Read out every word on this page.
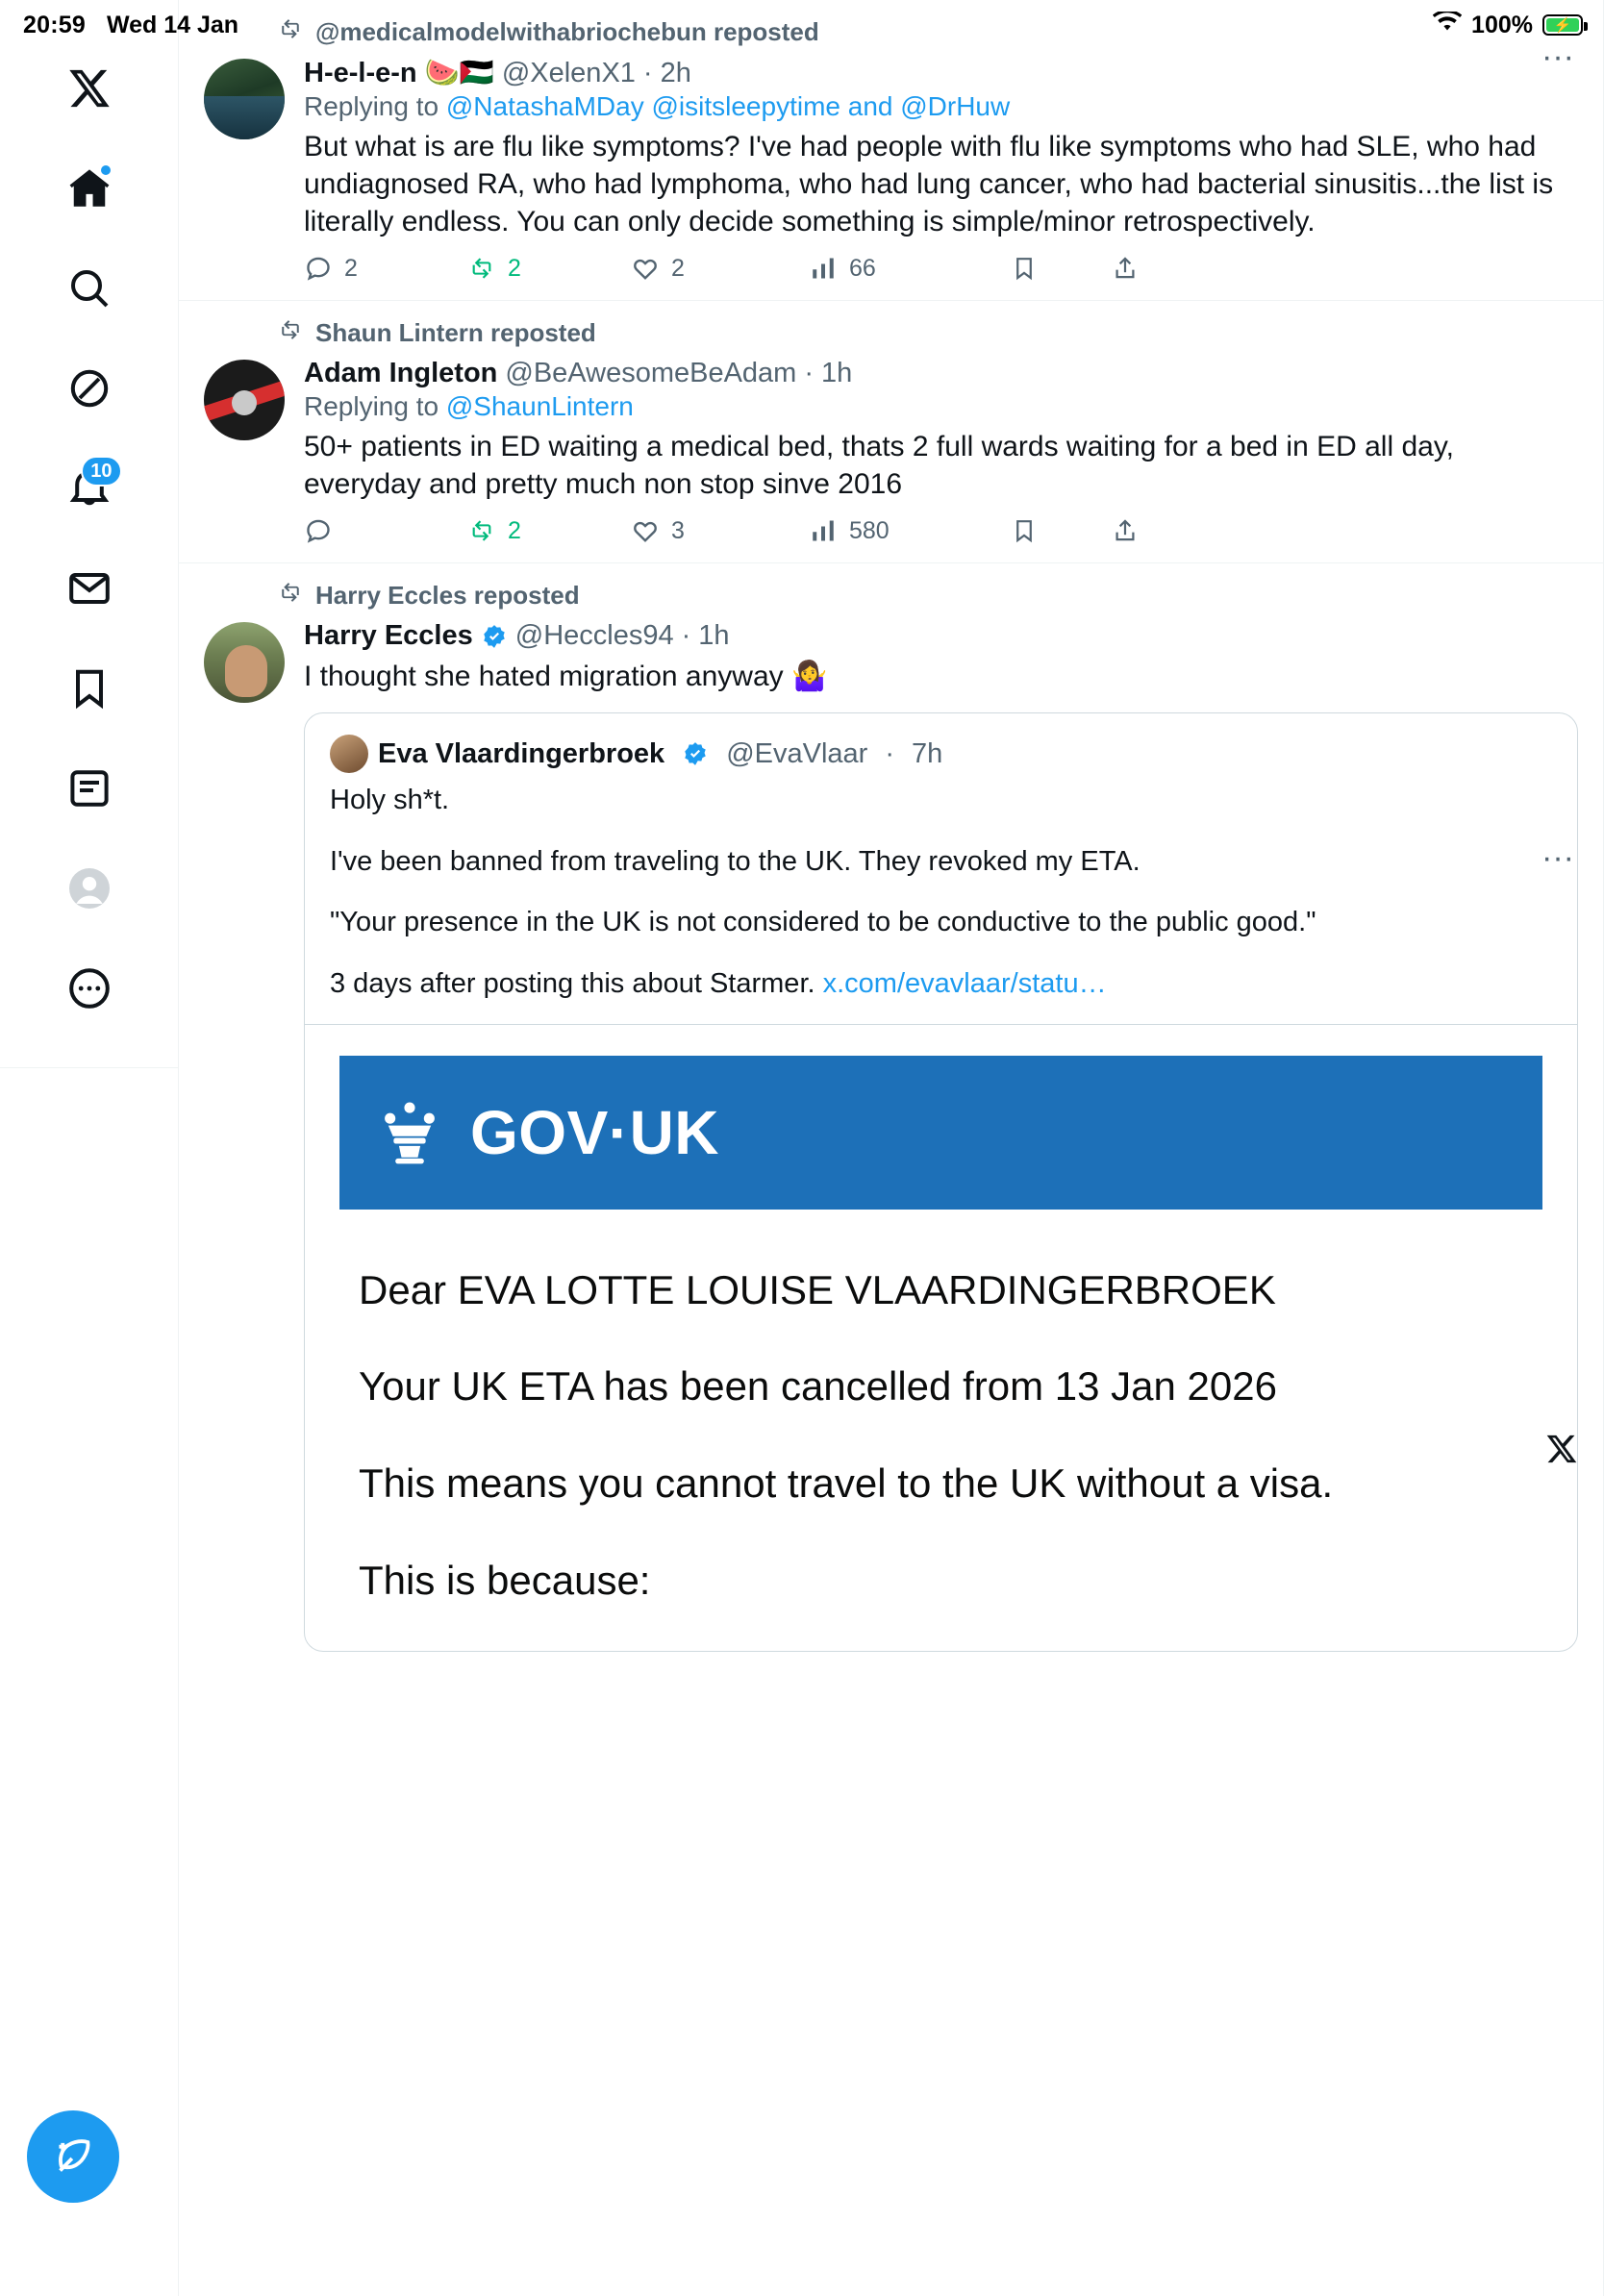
20:59 Wed 14 Jan	100% ⚡
10
@medicalmodelwithabriochebun reposted
H-e-l-e-n 🍉🇵🇸 @XelenX1 · 2h	···
Replying to @NatashaMDay @isitsleepytime and @DrHuw
But what is are flu like symptoms? I've had people with flu like symptoms who had SLE, who had undiagnosed RA, who had lymphoma, who had lung cancer, who had bacterial sinusitis...the list is literally endless. You can only decide something is simple/minor retrospectively.
2	2	2	66
Shaun Lintern reposted
Adam Ingleton @BeAwesomeBeAdam · 1h
···
Replying to @ShaunLintern
50+ patients in ED waiting a medical bed, thats 2 full wards waiting for a bed in ED all day, everyday and pretty much non stop sinve 2016
2	3	580
Harry Eccles reposted
Harry Eccles @Heccles94 · 1h
I thought she hated migration anyway 🤷‍♀️
Eva Vlaardingerbroek @EvaVlaar · 7h

Holy sh*t.

I've been banned from traveling to the UK. They revoked my ETA.

"Your presence in the UK is not considered to be conductive to the public good."

3 days after posting this about Starmer. x.com/evavlaar/statu…

GOV·UK

Dear EVA LOTTE LOUISE VLAARDINGERBROEK

Your UK ETA has been cancelled from 13 Jan 2026

This means you cannot travel to the UK without a visa.

This is because:
